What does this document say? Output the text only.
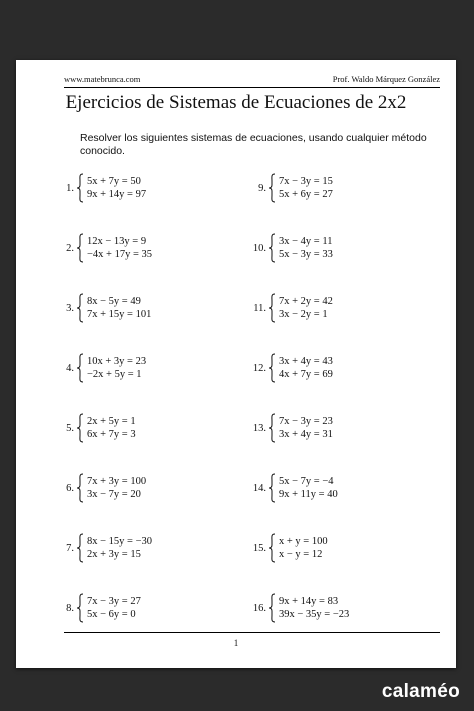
www.matebrunca.com	Prof. Waldo Márquez González
Ejercicios de Sistemas de Ecuaciones de 2x2
Resolver los siguientes sistemas de ecuaciones, usando cualquier método conocido.
1.
5x + 7y = 50
9x + 14y = 97
2.
12x − 13y = 9
−4x + 17y = 35
3.
8x − 5y = 49
7x + 15y = 101
4.
10x + 3y = 23
−2x + 5y = 1
5.
2x + 5y = 1
6x + 7y = 3
6.
7x + 3y = 100
3x − 7y = 20
7.
8x − 15y = −30
2x + 3y = 15
8.
7x − 3y = 27
5x − 6y = 0
9.
7x − 3y = 15
5x + 6y = 27
10.
3x − 4y = 11
5x − 3y = 33
11.
7x + 2y = 42
3x − 2y = 1
12.
3x + 4y = 43
4x + 7y = 69
13.
7x − 3y = 23
3x + 4y = 31
14.
5x − 7y = −4
9x + 11y = 40
15.
x + y = 100
x − y = 12
16.
9x + 14y = 83
39x − 35y = −23
1
calaméo
